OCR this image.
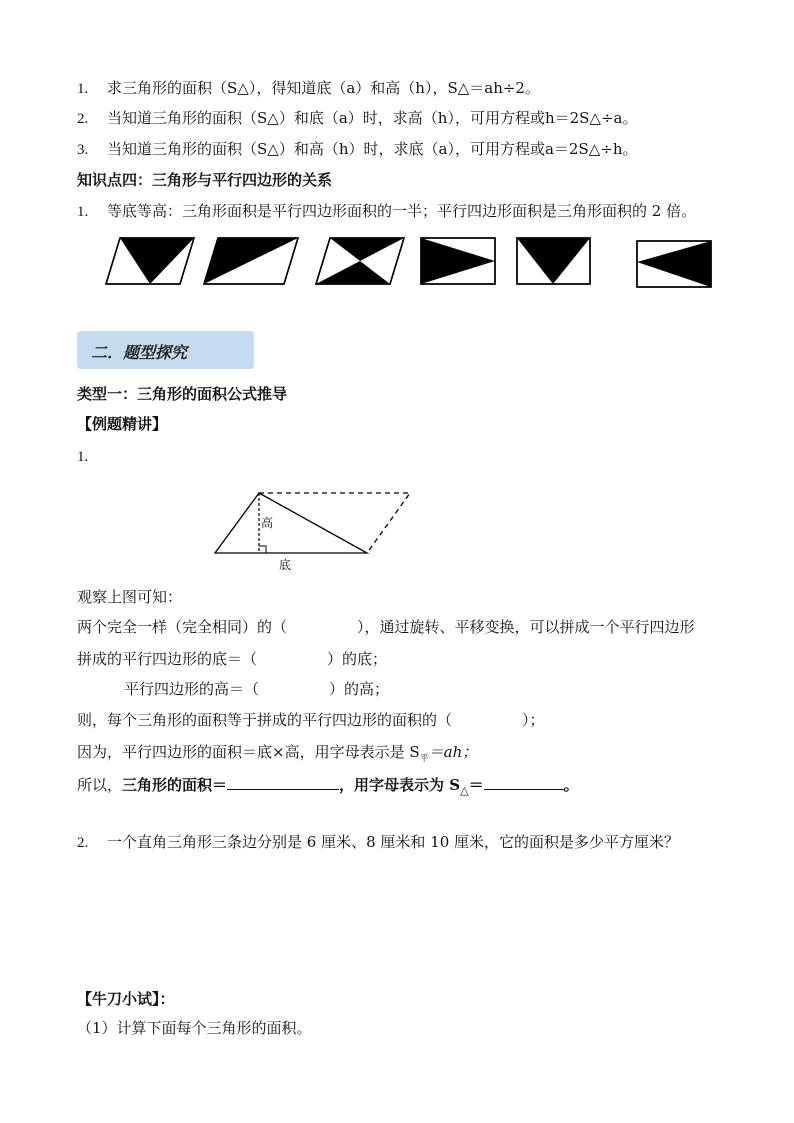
1. 求三角形的面积（S△），得知道底（a）和高（h），S△＝ah÷2。
2. 当知道三角形的面积（S△）和底（a）时，求高（h），可用方程或h＝2S△÷a。
3. 当知道三角形的面积（S△）和高（h）时，求底（a），可用方程或a＝2S△÷h。
知识点四：三角形与平行四边形的关系
1. 等底等高：三角形面积是平行四边形面积的一半；平行四边形面积是三角形面积的 2 倍。
二．题型探究
类型一：三角形的面积公式推导
【例题精讲】
1.
高
底
观察上图可知：
两个完全一样（完全相同）的（	），通过旋转、平移变换，可以拼成一个平行四边形
拼成的平行四边形的底＝（	）的底；
平行四边形的高＝（	）的高；
则，每个三角形的面积等于拼成的平行四边形的面积的（	）；
因为，平行四边形的面积＝底×高，用字母表示是 $S_平=ah$；
所以，三角形的面积＝	，用字母表示为 $S_\triangle=$	。
2. 一个直角三角形三条边分别是 6 厘米、8 厘米和 10 厘米，它的面积是多少平方厘米？
【牛刀小试】：
（1）计算下面每个三角形的面积。
